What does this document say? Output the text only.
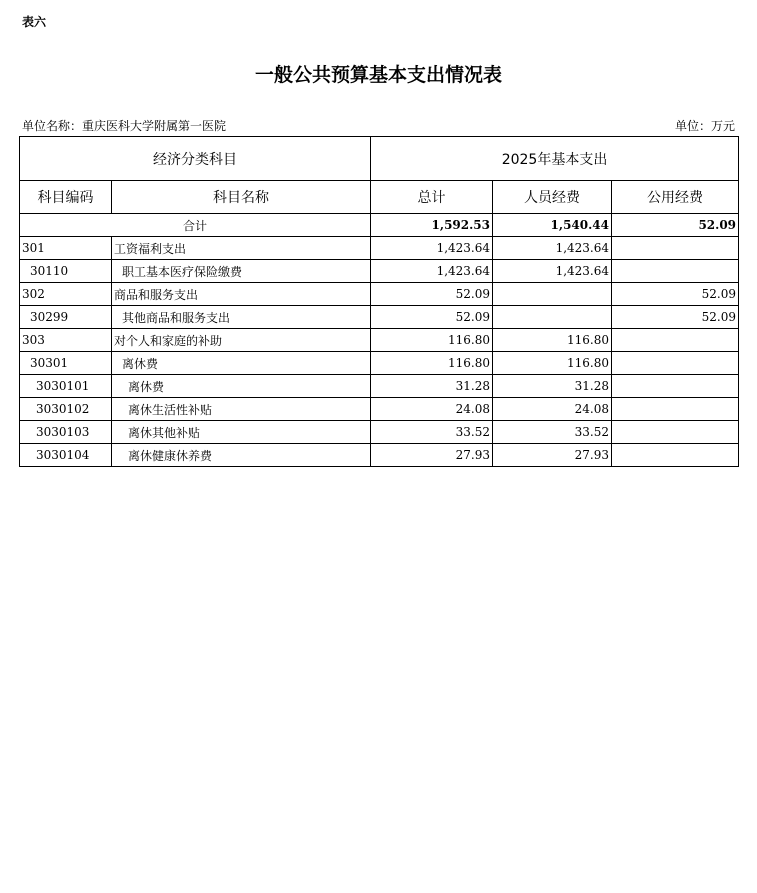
表六
一般公共预算基本支出情况表
单位名称：重庆医科大学附属第一医院	单位：万元
经济分类科目		2025年基本支出		
科目编码	科目名称	总计	人员经费	公用经费
合计		1,592.53	1,540.44	52.09
301	工资福利支出	1,423.64	1,423.64	
30110	职工基本医疗保险缴费	1,423.64	1,423.64	
302	商品和服务支出	52.09		52.09
30299	其他商品和服务支出	52.09		52.09
303	对个人和家庭的补助	116.80	116.80	
30301	离休费	116.80	116.80	
3030101	离休费	31.28	31.28	
3030102	离休生活性补贴	24.08	24.08	
3030103	离休其他补贴	33.52	33.52	
3030104	离休健康休养费	27.93	27.93	
